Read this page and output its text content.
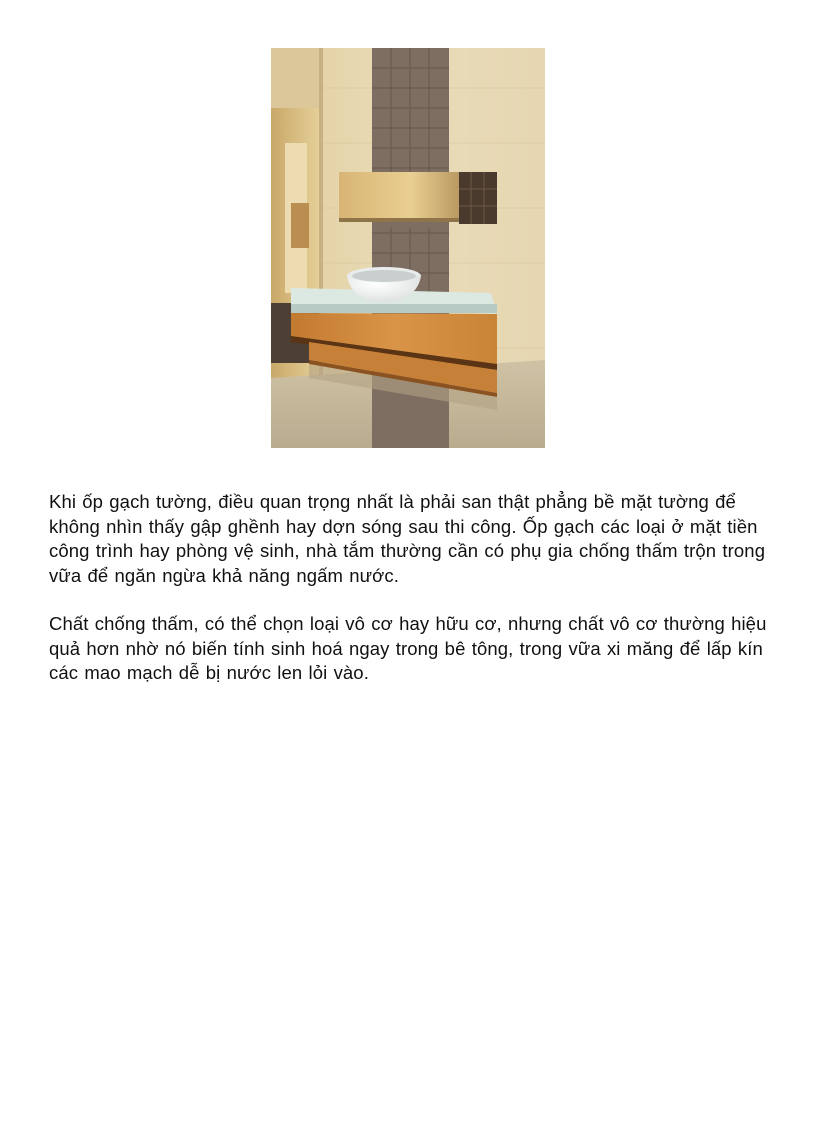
Khi ốp gạch tường, điều quan trọng nhất là phải san thật phẳng bề mặt tường để không nhìn thấy gập ghềnh hay dợn sóng sau thi công. Ốp gạch các loại ở mặt tiền công trình hay phòng vệ sinh, nhà tắm thường cần có phụ gia chống thấm trộn trong vữa để ngăn ngừa khả năng ngấm nước.

Chất chống thấm, có thể chọn loại vô cơ hay hữu cơ, nhưng chất vô cơ thường hiệu quả hơn nhờ nó biến tính sinh hoá ngay trong bê tông, trong vữa xi măng để lấp kín các mao mạch dễ bị nước len lỏi vào.
